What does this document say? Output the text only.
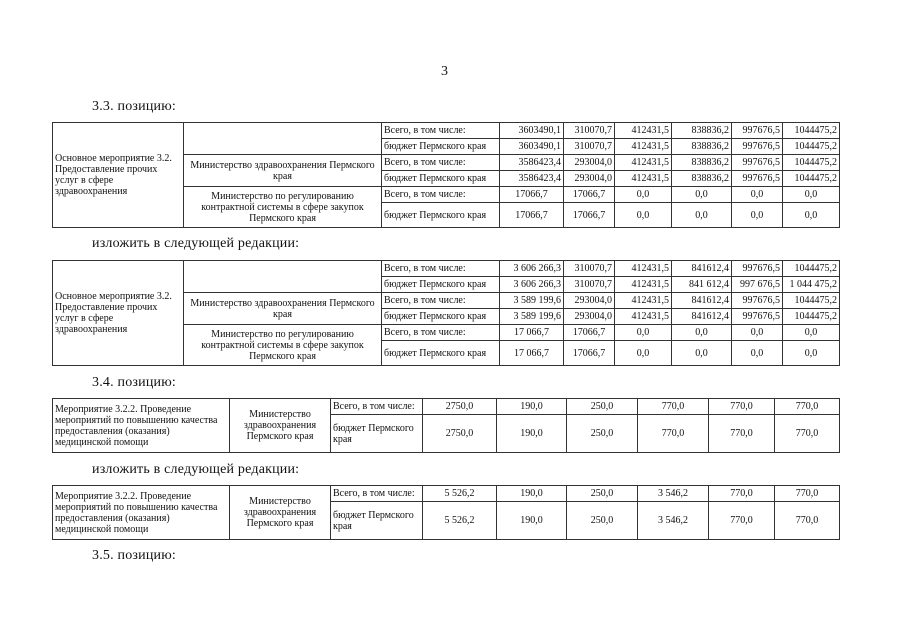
3
3.3. позицию:
Основное мероприятие 3.2. Предоставление прочих услуг в сфере здравоохранения		Всего, в том числе:	3603490,1	310070,7	412431,5	838836,2	997676,5	1044475,2
		бюджет Пермского края	3603490,1	310070,7	412431,5	838836,2	997676,5	1044475,2
	Министерство здравоохранения Пермского края	Всего, в том числе:	3586423,4	293004,0	412431,5	838836,2	997676,5	1044475,2
		бюджет Пермского края	3586423,4	293004,0	412431,5	838836,2	997676,5	1044475,2
	Министерство по регулированию контрактной системы в сфере закупок Пермского края	Всего, в том числе:	17066,7	17066,7	0,0	0,0	0,0	0,0
		бюджет Пермского края	17066,7	17066,7	0,0	0,0	0,0	0,0
изложить в следующей редакции:
Основное мероприятие 3.2. Предоставление прочих услуг в сфере здравоохранения		Всего, в том числе:	3 606 266,3	310070,7	412431,5	841612,4	997676,5	1044475,2
		бюджет Пермского края	3 606 266,3	310070,7	412431,5	841 612,4	997 676,5	1 044 475,2
	Министерство здравоохранения Пермского края	Всего, в том числе:	3 589 199,6	293004,0	412431,5	841612,4	997676,5	1044475,2
		бюджет Пермского края	3 589 199,6	293004,0	412431,5	841612,4	997676,5	1044475,2
	Министерство по регулированию контрактной системы в сфере закупок Пермского края	Всего, в том числе:	17 066,7	17066,7	0,0	0,0	0,0	0,0
		бюджет Пермского края	17 066,7	17066,7	0,0	0,0	0,0	0,0
3.4. позицию:
Мероприятие 3.2.2. Проведение мероприятий по повышению качества предоставления (оказания) медицинской помощи	Министерство здравоохранения Пермского края	Всего, в том числе:	2750,0	190,0	250,0	770,0	770,0	770,0
		бюджет Пермского края	2750,0	190,0	250,0	770,0	770,0	770,0
изложить в следующей редакции:
Мероприятие 3.2.2. Проведение мероприятий по повышению качества предоставления (оказания) медицинской помощи	Министерство здравоохранения Пермского края	Всего, в том числе:	5 526,2	190,0	250,0	3 546,2	770,0	770,0
		бюджет Пермского края	5 526,2	190,0	250,0	3 546,2	770,0	770,0
3.5. позицию:
